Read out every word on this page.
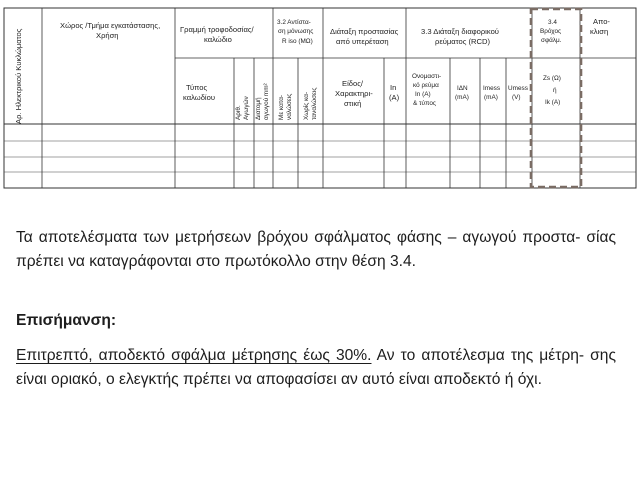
Αρ. Ηλεκτρικού Κυκλώματος
Χώρος /Τμήμα εγκατάστασης,
Χρήση
Γραμμή τροφοδοσίας/
καλώδιο
Τύπος
καλωδίου
Αριθ. Αγωγών Διατομή αγωγού mm²
3.2 Αντίστα-
ση μόνωσης
R iso (MΩ)
Με κατα- ναλώσεις Χωρίς κα- ταναλώσεις
Διάταξη προστασίας
από υπερέταση
Είδος/
Χαρακτηρι-
στική
In
(A)
3.3 Διάταξη διαφορικού
ρεύματος (RCD)
Ονομαστι-
κό ρεύμα
In (A)
& τύπος
IΔN
(mA)
Imess
(mA)
Umess
(V)
3.4
Βρόχος
σφάλμ.
Zs (Ω)
ή
Ik (A)
Απο-
κλιση

Τα αποτελέσματα των μετρήσεων βρόχου σφάλματος φάσης – αγωγού προστα- σίας πρέπει να καταγράφονται στο πρωτόκολλο στην θέση 3.4.

Επισήμανση:

Επιτρεπτό, αποδεκτό σφάλμα μέτρησης έως 30%. Αν το αποτέλεσμα της μέτρη- σης είναι οριακό, ο ελεγκτής πρέπει να αποφασίσει αν αυτό είναι αποδεκτό ή όχι.
